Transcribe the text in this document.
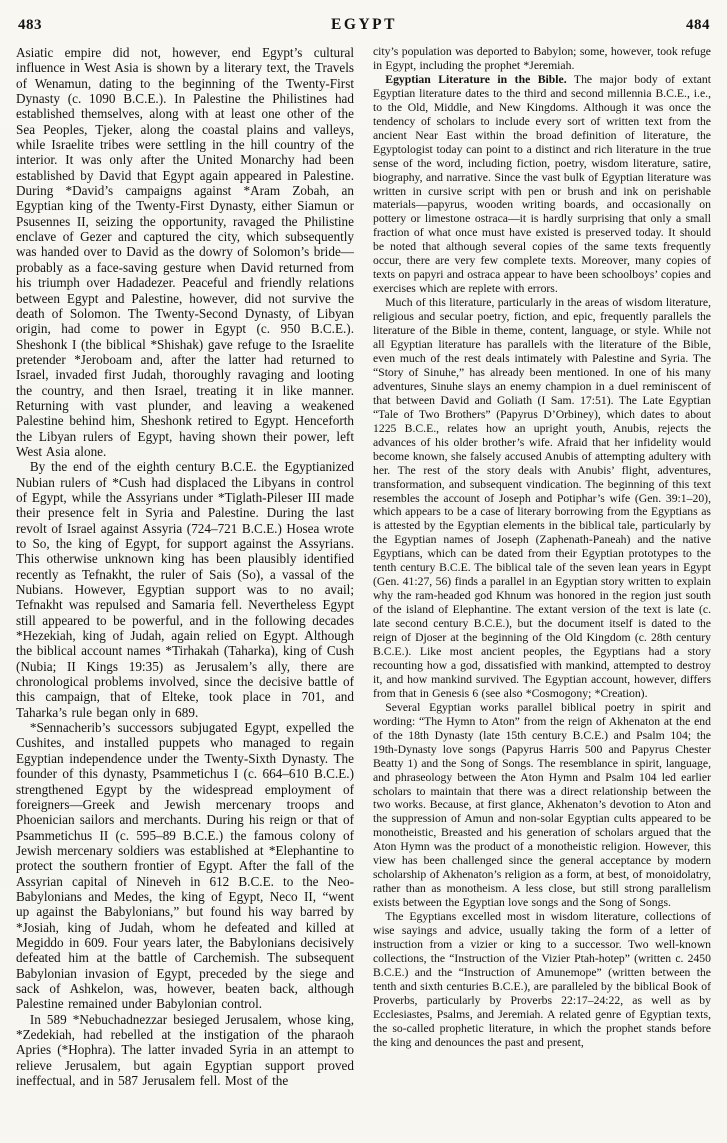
483	EGYPT	484

Asiatic empire did not, however, end Egypt’s cultural influence in West Asia is shown by a literary text, the Travels of Wenamun, dating to the beginning of the Twenty-First Dynasty (c. 1090 B.C.E.). In Palestine the Philistines had established themselves, along with at least one other of the Sea Peoples, Tjeker, along the coastal plains and valleys, while Israelite tribes were settling in the hill country of the interior. It was only after the United Monarchy had been established by David that Egypt again appeared in Palestine. During *David’s campaigns against *Aram Zobah, an Egyptian king of the Twenty-First Dynasty, either Siamun or Psusennes II, seizing the opportunity, ravaged the Philistine enclave of Gezer and captured the city, which subsequently was handed over to David as the dowry of Solomon’s bride—probably as a face-saving gesture when David returned from his triumph over Hadadezer. Peaceful and friendly relations between Egypt and Palestine, however, did not survive the death of Solomon. The Twenty-Second Dynasty, of Libyan origin, had come to power in Egypt (c. 950 B.C.E.). Sheshonk I (the biblical *Shishak) gave refuge to the Israelite pretender *Jeroboam and, after the latter had returned to Israel, invaded first Judah, thoroughly ravaging and looting the country, and then Israel, treating it in like manner. Returning with vast plunder, and leaving a weakened Palestine behind him, Sheshonk retired to Egypt. Henceforth the Libyan rulers of Egypt, having shown their power, left West Asia alone.

By the end of the eighth century B.C.E. the Egyptianized Nubian rulers of *Cush had displaced the Libyans in control of Egypt, while the Assyrians under *Tiglath-Pileser III made their presence felt in Syria and Palestine. During the last revolt of Israel against Assyria (724–721 B.C.E.) Hosea wrote to So, the king of Egypt, for support against the Assyrians. This otherwise unknown king has been plausibly identified recently as Tefnakht, the ruler of Sais (So), a vassal of the Nubians. However, Egyptian support was to no avail; Tefnakht was repulsed and Samaria fell. Nevertheless Egypt still appeared to be powerful, and in the following decades *Hezekiah, king of Judah, again relied on Egypt. Although the biblical account names *Tirhakah (Taharka), king of Cush (Nubia; II Kings 19:35) as Jerusalem’s ally, there are chronological problems involved, since the decisive battle of this campaign, that of Elteke, took place in 701, and Taharka’s rule began only in 689.

*Sennacherib’s successors subjugated Egypt, expelled the Cushites, and installed puppets who managed to regain Egyptian independence under the Twenty-Sixth Dynasty. The founder of this dynasty, Psammetichus I (c. 664–610 B.C.E.) strengthened Egypt by the widespread employment of foreigners—Greek and Jewish mercenary troops and Phoenician sailors and merchants. During his reign or that of Psammetichus II (c. 595–89 B.C.E.) the famous colony of Jewish mercenary soldiers was established at *Elephantine to protect the southern frontier of Egypt. After the fall of the Assyrian capital of Nineveh in 612 B.C.E. to the Neo-Babylonians and Medes, the king of Egypt, Neco II, “went up against the Babylonians,” but found his way barred by *Josiah, king of Judah, whom he defeated and killed at Megiddo in 609. Four years later, the Babylonians decisively defeated him at the battle of Carchemish. The subsequent Babylonian invasion of Egypt, preceded by the siege and sack of Ashkelon, was, however, beaten back, although Palestine remained under Babylonian control.

In 589 *Nebuchadnezzar besieged Jerusalem, whose king, *Zedekiah, had rebelled at the instigation of the pharaoh Apries (*Hophra). The latter invaded Syria in an attempt to relieve Jerusalem, but again Egyptian support proved ineffectual, and in 587 Jerusalem fell. Most of the

city’s population was deported to Babylon; some, however, took refuge in Egypt, including the prophet *Jeremiah.

Egyptian Literature in the Bible. The major body of extant Egyptian literature dates to the third and second millennia B.C.E., i.e., to the Old, Middle, and New Kingdoms. Although it was once the tendency of scholars to include every sort of written text from the ancient Near East within the broad definition of literature, the Egyptologist today can point to a distinct and rich literature in the true sense of the word, including fiction, poetry, wisdom literature, satire, biography, and narrative. Since the vast bulk of Egyptian literature was written in cursive script with pen or brush and ink on perishable materials—papyrus, wooden writing boards, and occasionally on pottery or limestone ostraca—it is hardly surprising that only a small fraction of what once must have existed is preserved today. It should be noted that although several copies of the same texts frequently occur, there are very few complete texts. Moreover, many copies of texts on papyri and ostraca appear to have been schoolboys’ copies and exercises which are replete with errors.

Much of this literature, particularly in the areas of wisdom literature, religious and secular poetry, fiction, and epic, frequently parallels the literature of the Bible in theme, content, language, or style. While not all Egyptian literature has parallels with the literature of the Bible, even much of the rest deals intimately with Palestine and Syria. The “Story of Sinuhe,” has already been mentioned. In one of his many adventures, Sinuhe slays an enemy champion in a duel reminiscent of that between David and Goliath (I Sam. 17:51). The Late Egyptian “Tale of Two Brothers” (Papyrus D’Orbiney), which dates to about 1225 B.C.E., relates how an upright youth, Anubis, rejects the advances of his older brother’s wife. Afraid that her infidelity would become known, she falsely accused Anubis of attempting adultery with her. The rest of the story deals with Anubis’ flight, adventures, transformation, and subsequent vindication. The beginning of this text resembles the account of Joseph and Potiphar’s wife (Gen. 39:1–20), which appears to be a case of literary borrowing from the Egyptians as is attested by the Egyptian elements in the biblical tale, particularly by the Egyptian names of Joseph (Zaphenath-Paneah) and the native Egyptians, which can be dated from their Egyptian prototypes to the tenth century B.C.E. The biblical tale of the seven lean years in Egypt (Gen. 41:27, 56) finds a parallel in an Egyptian story written to explain why the ram-headed god Khnum was honored in the region just south of the island of Elephantine. The extant version of the text is late (c. late second century B.C.E.), but the document itself is dated to the reign of Djoser at the beginning of the Old Kingdom (c. 28th century B.C.E.). Like most ancient peoples, the Egyptians had a story recounting how a god, dissatisfied with mankind, attempted to destroy it, and how mankind survived. The Egyptian account, however, differs from that in Genesis 6 (see also *Cosmogony; *Creation).

Several Egyptian works parallel biblical poetry in spirit and wording: “The Hymn to Aton” from the reign of Akhenaton at the end of the 18th Dynasty (late 15th century B.C.E.) and Psalm 104; the 19th-Dynasty love songs (Papyrus Harris 500 and Papyrus Chester Beatty 1) and the Song of Songs. The resemblance in spirit, language, and phraseology between the Aton Hymn and Psalm 104 led earlier scholars to maintain that there was a direct relationship between the two works. Because, at first glance, Akhenaton’s devotion to Aton and the suppression of Amun and non-solar Egyptian cults appeared to be monotheistic, Breasted and his generation of scholars argued that the Aton Hymn was the product of a monotheistic religion. However, this view has been challenged since the general acceptance by modern scholarship of Akhenaton’s religion as a form, at best, of monoidolatry, rather than as monotheism. A less close, but still strong parallelism exists between the Egyptian love songs and the Song of Songs.

The Egyptians excelled most in wisdom literature, collections of wise sayings and advice, usually taking the form of a letter of instruction from a vizier or king to a successor. Two well-known collections, the “Instruction of the Vizier Ptah-hotep” (written c. 2450 B.C.E.) and the “Instruction of Amunemope” (written between the tenth and sixth centuries B.C.E.), are paralleled by the biblical Book of Proverbs, particularly by Proverbs 22:17–24:22, as well as by Ecclesiastes, Psalms, and Jeremiah. A related genre of Egyptian texts, the so-called prophetic literature, in which the prophet stands before the king and denounces the past and present,
